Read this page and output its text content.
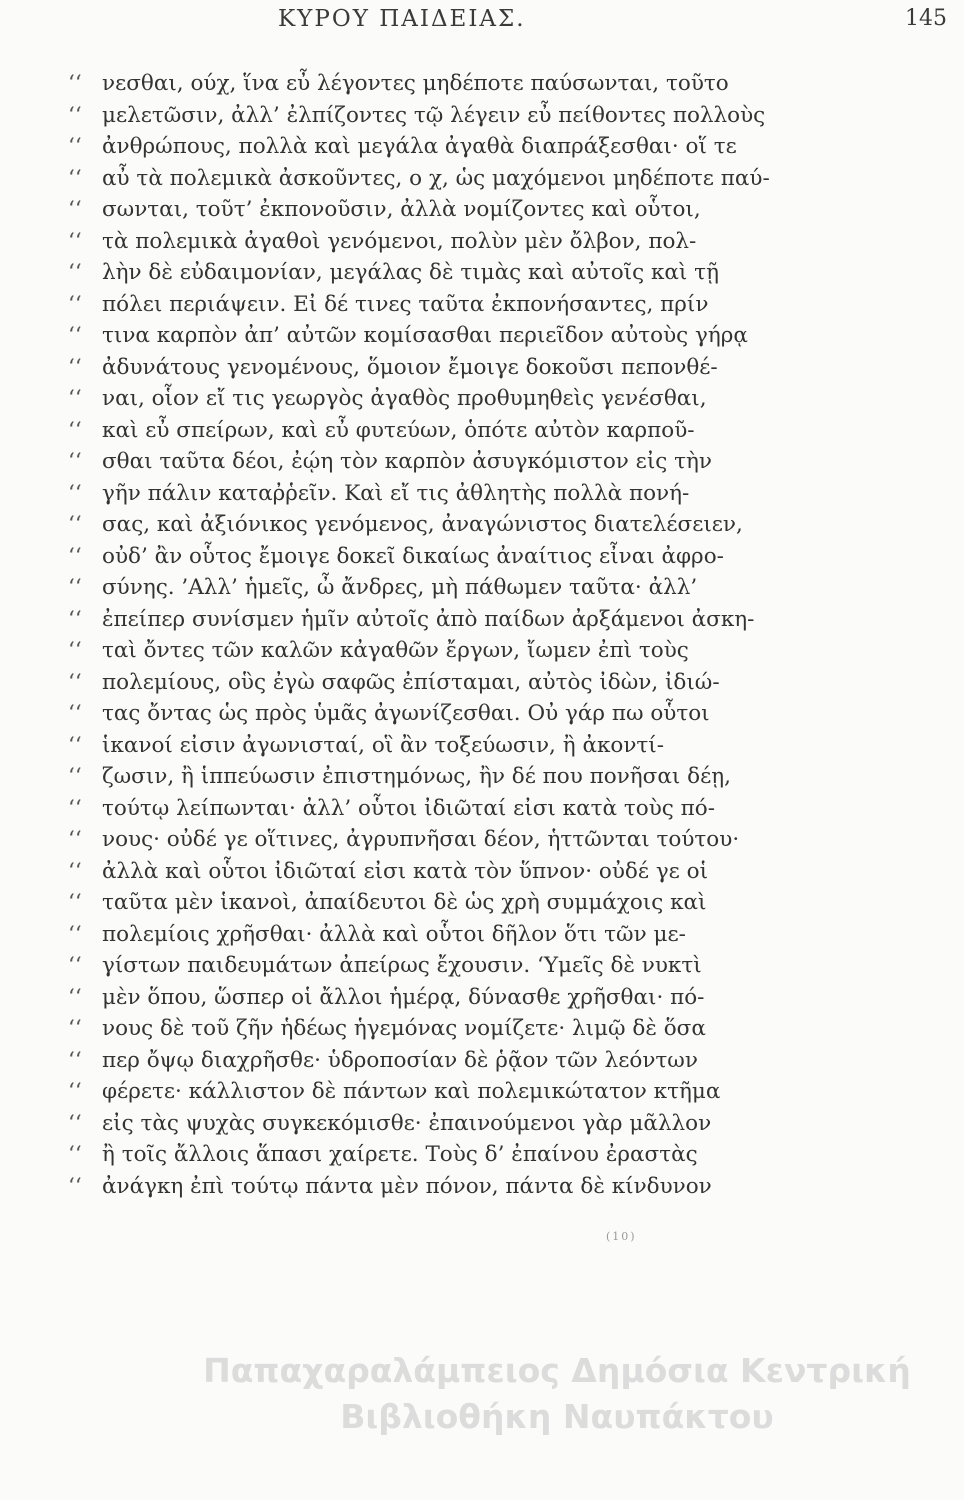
ΚΥΡΟΥ ΠΑΙΔΕΙΑΣ.	145
‘‘ νεσθαι, ούχ, ἵνα εὖ λέγοντες μηδέποτε παύσωνται, τοῦτο
‘‘ μελετῶσιν, ἀλλ’ ἐλπίζοντες τῷ λέγειν εὖ πείθοντες πολλοὺς
‘‘ ἀνθρώπους, πολλὰ καὶ μεγάλα ἀγαθὰ διαπράξεσθαι· οἵ τε
‘‘ αὖ τὰ πολεμικὰ ἀσκοῦντες, ο χ, ὡς μαχόμενοι μηδέποτε παύ-
‘‘ σωνται, τοῦτ’ ἐκπονοῦσιν, ἀλλὰ νομίζοντες καὶ οὗτοι,
‘‘ τὰ πολεμικὰ ἀγαθοὶ γενόμενοι, πολὺν μὲν ὄλβον, πολ-
‘‘ λὴν δὲ εὐδαιμονίαν, μεγάλας δὲ τιμὰς καὶ αὐτοῖς καὶ τῇ
‘‘ πόλει περιάψειν. Εἰ δέ τινες ταῦτα ἐκπονήσαντες, πρίν
‘‘ τινα καρπὸν ἀπ’ αὐτῶν κομίσασθαι περιεῖδον αὐτοὺς γήρᾳ
‘‘ ἀδυνάτους γενομένους, ὅμοιον ἔμοιγε δοκοῦσι πεπονθέ-
‘‘ ναι, οἷον εἴ τις γεωργὸς ἀγαθὸς προθυμηθεὶς γενέσθαι,
‘‘ καὶ εὖ σπείρων, καὶ εὖ φυτεύων, ὁπότε αὐτὸν καρποῦ-
‘‘ σθαι ταῦτα δέοι, ἐῴη τὸν καρπὸν ἀσυγκόμιστον εἰς τὴν
‘‘ γῆν πάλιν καταῤῥεῖν. Καὶ εἴ τις ἀθλητὴς πολλὰ πονή-
‘‘ σας, καὶ ἀξιόνικος γενόμενος, ἀναγώνιστος διατελέσειεν,
‘‘ οὐδ’ ἂν οὗτος ἔμοιγε δοκεῖ δικαίως ἀναίτιος εἶναι ἀφρο-
‘‘ σύνης. ’Αλλ’ ἡμεῖς, ὦ ἄνδρες, μὴ πάθωμεν ταῦτα· ἀλλ’
‘‘ ἐπείπερ συνίσμεν ἡμῖν αὐτοῖς ἀπὸ παίδων ἀρξάμενοι ἀσκη-
‘‘ ταὶ ὄντες τῶν καλῶν κἀγαθῶν ἔργων, ἴωμεν ἐπὶ τοὺς
‘‘ πολεμίους, οὓς ἐγὼ σαφῶς ἐπίσταμαι, αὐτὸς ἰδὼν, ἰδιώ-
‘‘ τας ὄντας ὡς πρὸς ὑμᾶς ἀγωνίζεσθαι. Οὐ γάρ πω οὗτοι
‘‘ ἱκανοί εἰσιν ἀγωνισταί, οἳ ἂν τοξεύωσιν, ἢ ἀκοντί-
‘‘ ζωσιν, ἢ ἱππεύωσιν ἐπιστημόνως, ἢν δέ που πονῆσαι δέῃ,
‘‘ τούτῳ λείπωνται· ἀλλ’ οὗτοι ἰδιῶταί εἰσι κατὰ τοὺς πό-
‘‘ νους· οὐδέ γε οἵτινες, ἀγρυπνῆσαι δέον, ἡττῶνται τούτου·
‘‘ ἀλλὰ καὶ οὗτοι ἰδιῶταί εἰσι κατὰ τὸν ὕπνον· οὐδέ γε οἱ
‘‘ ταῦτα μὲν ἱκανοὶ, ἀπαίδευτοι δὲ ὡς χρὴ συμμάχοις καὶ
‘‘ πολεμίοις χρῆσθαι· ἀλλὰ καὶ οὗτοι δῆλον ὅτι τῶν με-
‘‘ γίστων παιδευμάτων ἀπείρως ἔχουσιν. ‘Υμεῖς δὲ νυκτὶ
‘‘ μὲν ὅπου, ὥσπερ οἱ ἄλλοι ἡμέρᾳ, δύνασθε χρῆσθαι· πό-
‘‘ νους δὲ τοῦ ζῆν ἡδέως ἡγεμόνας νομίζετε· λιμῷ δὲ ὅσα
‘‘ περ ὄψῳ διαχρῆσθε· ὑδροποσίαν δὲ ῥᾷον τῶν λεόντων
‘‘ φέρετε· κάλλιστον δὲ πάντων καὶ πολεμικώτατον κτῆμα
‘‘ εἰς τὰς ψυχὰς συγκεκόμισθε· ἐπαινούμενοι γὰρ μᾶλλον
‘‘ ἢ τοῖς ἄλλοις ἅπασι χαίρετε. Τοὺς δ’ ἐπαίνου ἐραστὰς
‘‘ ἀνάγκη ἐπὶ τούτῳ πάντα μὲν πόνον, πάντα δὲ κίνδυνον
(10)
Παπαχαραλάμπειος Δημόσια Κεντρική
Βιβλιοθήκη Ναυπάκτου
